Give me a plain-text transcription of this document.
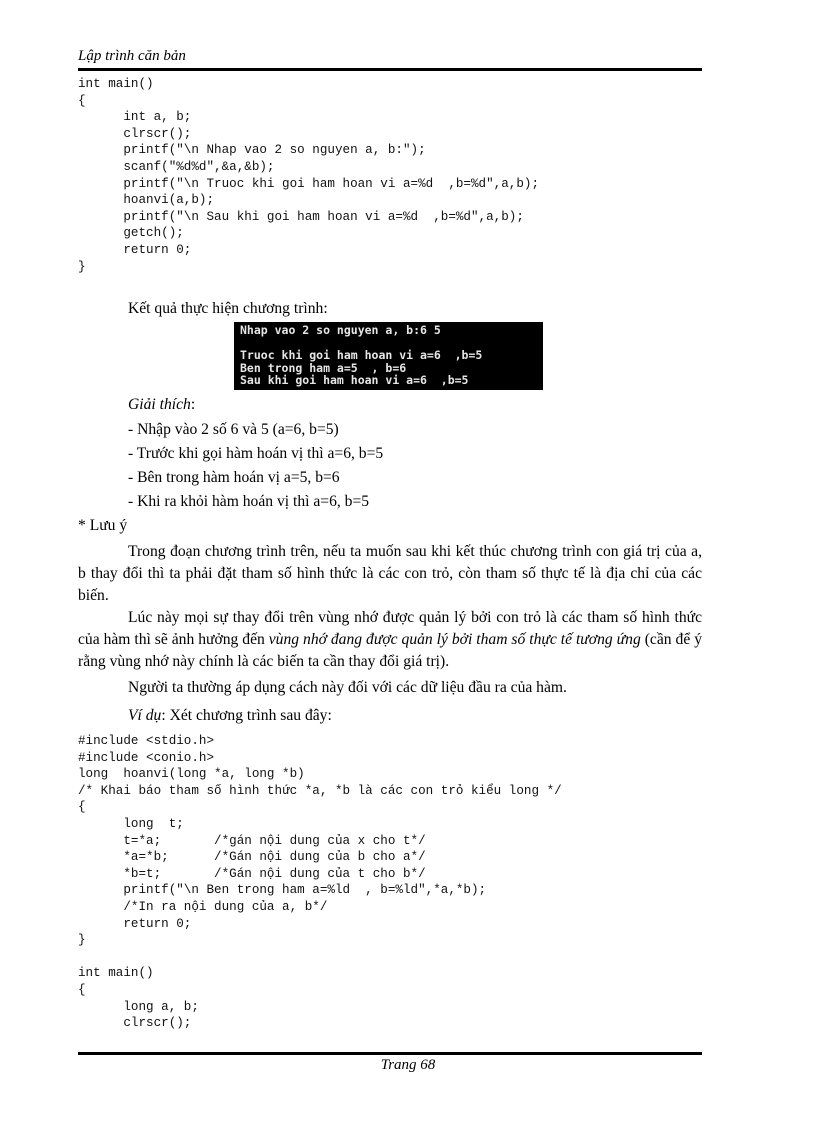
Lập trình căn bản
int main()
{
int a, b;
clrscr();
printf("\n Nhap vao 2 so nguyen a, b:");
scanf("%d%d",&a,&b);
printf("\n Truoc khi goi ham hoan vi a=%d  ,b=%d",a,b);
hoanvi(a,b);
printf("\n Sau khi goi ham hoan vi a=%d  ,b=%d",a,b);
getch();
return 0;
}

Kết quả thực hiện chương trình:

Nhap vao 2 so nguyen a, b:6 5
Truoc khi goi ham hoan vi a=6  ,b=5
Ben trong ham a=5  , b=6
Sau khi goi ham hoan vi a=6  ,b=5

Giải thích:

- Nhập vào 2 số 6 và 5 (a=6, b=5)
- Trước khi gọi hàm hoán vị thì a=6, b=5
- Bên trong hàm hoán vị a=5, b=6
- Khi ra khỏi hàm hoán vị thì a=6, b=5

* Lưu ý

Trong đoạn chương trình trên, nếu ta muốn sau khi kết thúc chương trình con giá trị của a, b thay đổi thì ta phải đặt tham số hình thức là các con trỏ, còn tham số thực tế là địa chỉ của các biến.

Lúc này mọi sự thay đổi trên vùng nhớ được quản lý bởi con trỏ là các tham số hình thức của hàm thì sẽ ảnh hưởng đến vùng nhớ đang được quản lý bởi tham số thực tế tương ứng (cần để ý rằng vùng nhớ này chính là các biến ta cần thay đổi giá trị).

Người ta thường áp dụng cách này đối với các dữ liệu đầu ra của hàm.

Ví dụ: Xét chương trình sau đây:

#include <stdio.h>
#include <conio.h>
long  hoanvi(long *a, long *b)
/* Khai báo tham số hình thức *a, *b là các con trỏ kiểu long */
{
long  t;
t=*a;       /*gán nội dung của x cho t*/
*a=*b;      /*Gán nội dung của b cho a*/
*b=t;       /*Gán nội dung của t cho b*/
printf("\n Ben trong ham a=%ld  , b=%ld",*a,*b);
/*In ra nội dung của a, b*/
return 0;
}
int main()
{
long a, b;
clrscr();
Trang 68
